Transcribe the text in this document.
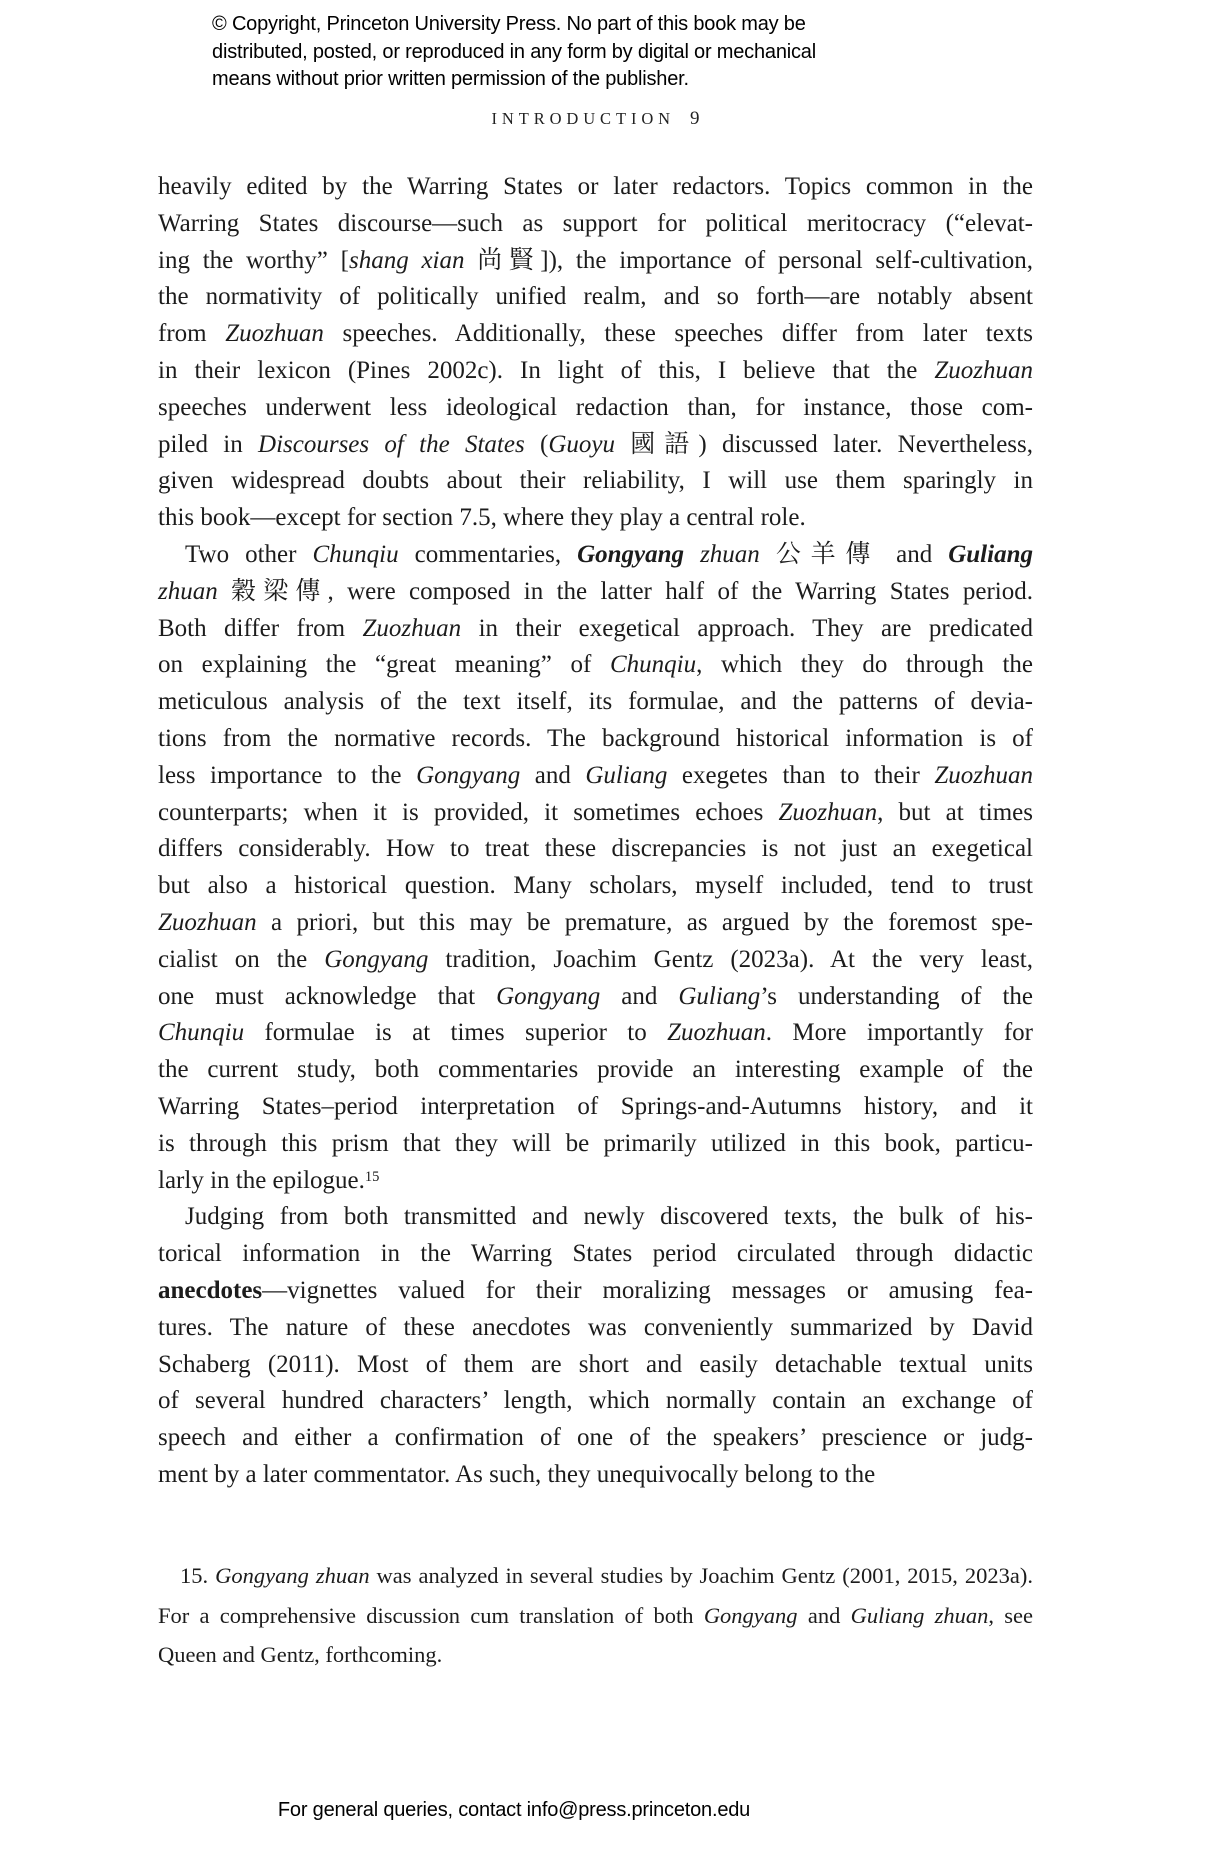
© Copyright, Princeton University Press. No part of this book may be
distributed, posted, or reproduced in any form by digital or mechanical
means without prior written permission of the publisher.
INTRODUCTION 9
heavily edited by the Warring States or later redactors. Topics common in the
Warring States discourse—such as support for political meritocracy (“elevat-
ing the worthy” [shang xian 尚賢]), the importance of personal self-cultivation,
the normativity of politically unified realm, and so forth—are notably absent
from Zuozhuan speeches. Additionally, these speeches differ from later texts
in their lexicon (Pines 2002c). In light of this, I believe that the Zuozhuan
speeches underwent less ideological redaction than, for instance, those com-
piled in Discourses of the States (Guoyu 國語) discussed later. Nevertheless,
given widespread doubts about their reliability, I will use them sparingly in
this book—except for section 7.5, where they play a central role.
Two other Chunqiu commentaries, Gongyang zhuan 公羊傳 and Guliang
zhuan 穀梁傳, were composed in the latter half of the Warring States period.
Both differ from Zuozhuan in their exegetical approach. They are predicated
on explaining the “great meaning” of Chunqiu, which they do through the
meticulous analysis of the text itself, its formulae, and the patterns of devia-
tions from the normative records. The background historical information is of
less importance to the Gongyang and Guliang exegetes than to their Zuozhuan
counterparts; when it is provided, it sometimes echoes Zuozhuan, but at times
differs considerably. How to treat these discrepancies is not just an exegetical
but also a historical question. Many scholars, myself included, tend to trust
Zuozhuan a priori, but this may be premature, as argued by the foremost spe-
cialist on the Gongyang tradition, Joachim Gentz (2023a). At the very least,
one must acknowledge that Gongyang and Guliang’s understanding of the
Chunqiu formulae is at times superior to Zuozhuan. More importantly for
the current study, both commentaries provide an interesting example of the
Warring States–period interpretation of Springs-and-Autumns history, and it
is through this prism that they will be primarily utilized in this book, particu-
larly in the epilogue.$^{15}$
Judging from both transmitted and newly discovered texts, the bulk of his-
torical information in the Warring States period circulated through didactic
anecdotes—vignettes valued for their moralizing messages or amusing fea-
tures. The nature of these anecdotes was conveniently summarized by David
Schaberg (2011). Most of them are short and easily detachable textual units
of several hundred characters’ length, which normally contain an exchange of
speech and either a confirmation of one of the speakers’ prescience or judg-
ment by a later commentator. As such, they unequivocally belong to the
15. Gongyang zhuan was analyzed in several studies by Joachim Gentz (2001, 2015, 2023a).
For a comprehensive discussion cum translation of both Gongyang and Guliang zhuan, see
Queen and Gentz, forthcoming.
For general queries, contact info@press.princeton.edu
